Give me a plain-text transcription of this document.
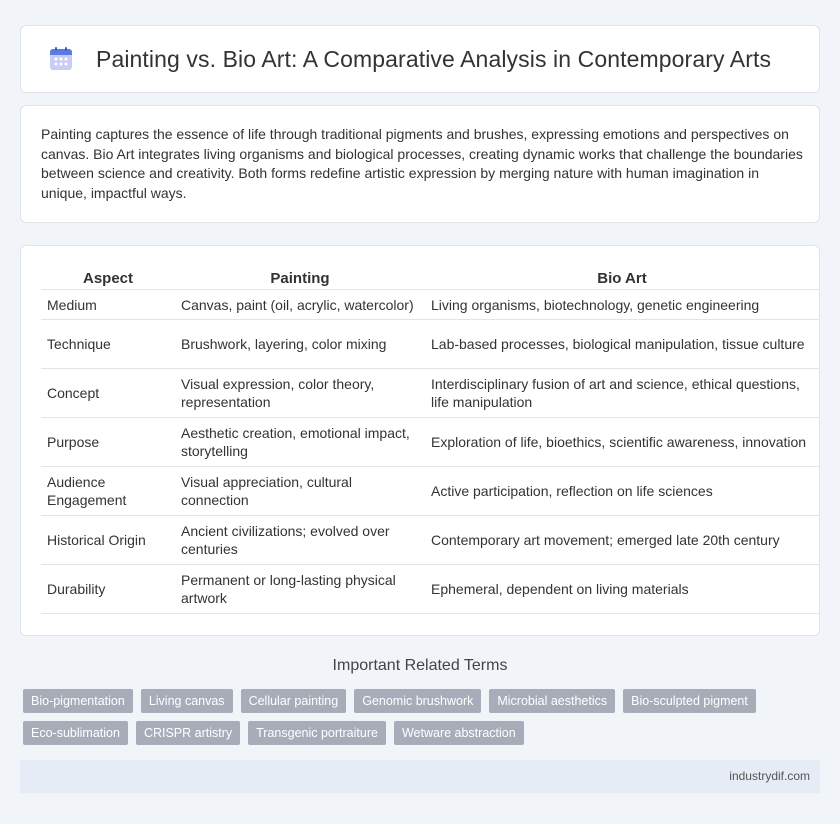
Painting vs. Bio Art: A Comparative Analysis in Contemporary Arts

Painting captures the essence of life through traditional pigments and brushes, expressing emotions and perspectives on canvas. Bio Art integrates living organisms and biological processes, creating dynamic works that challenge the boundaries between science and creativity. Both forms redefine artistic expression by merging nature with human imagination in unique, impactful ways.

Aspect	Painting	Bio Art
Medium	Canvas, paint (oil, acrylic, watercolor)	Living organisms, biotechnology, genetic engineering
Technique	Brushwork, layering, color mixing	Lab-based processes, biological manipulation, tissue culture
Concept	Visual expression, color theory, representation	Interdisciplinary fusion of art and science, ethical questions, life manipulation
Purpose	Aesthetic creation, emotional impact, storytelling	Exploration of life, bioethics, scientific awareness, innovation
Audience Engagement	Visual appreciation, cultural connection	Active participation, reflection on life sciences
Historical Origin	Ancient civilizations; evolved over centuries	Contemporary art movement; emerged late 20th century
Durability	Permanent or long-lasting physical artwork	Ephemeral, dependent on living materials
Important Related Terms
Bio-pigmentation	Living canvas	Cellular painting	Genomic brushwork	Microbial aesthetics	Bio-sculpted pigment
Eco-sublimation	CRISPR artistry	Transgenic portraiture	Wetware abstraction
industrydif.com
